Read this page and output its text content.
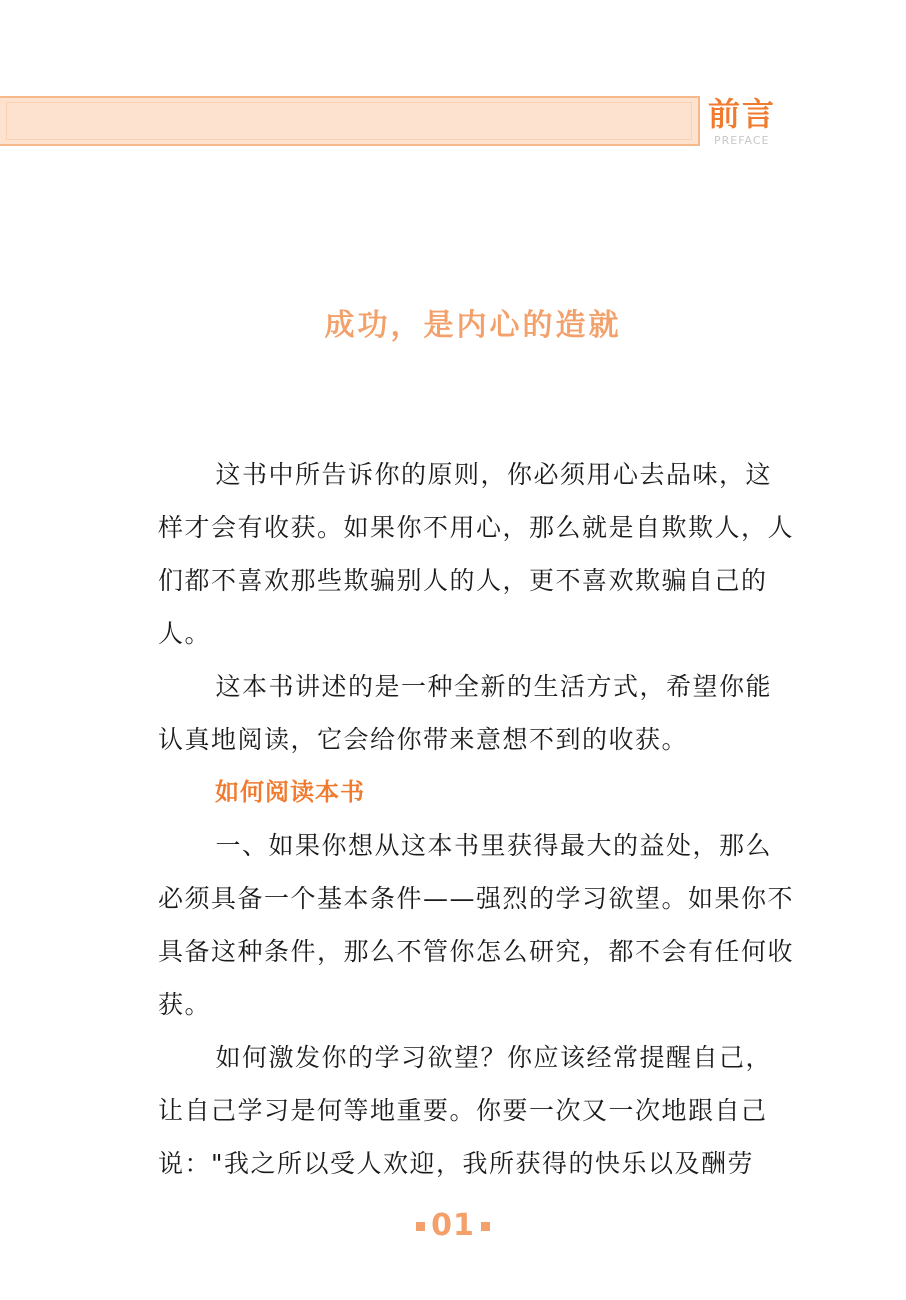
前言
PREFACE
成功，是内心的造就

这书中所告诉你的原则，你必须用心去品味，这样才会有收获。如果你不用心，那么就是自欺欺人，人们都不喜欢那些欺骗别人的人，更不喜欢欺骗自己的人。

这本书讲述的是一种全新的生活方式，希望你能认真地阅读，它会给你带来意想不到的收获。

如何阅读本书

一、如果你想从这本书里获得最大的益处，那么必须具备一个基本条件——强烈的学习欲望。如果你不具备这种条件，那么不管你怎么研究，都不会有任何收获。

如何激发你的学习欲望？你应该经常提醒自己，让自己学习是何等地重要。你要一次又一次地跟自己说："我之所以受人欢迎，我所获得的快乐以及酬劳

01
